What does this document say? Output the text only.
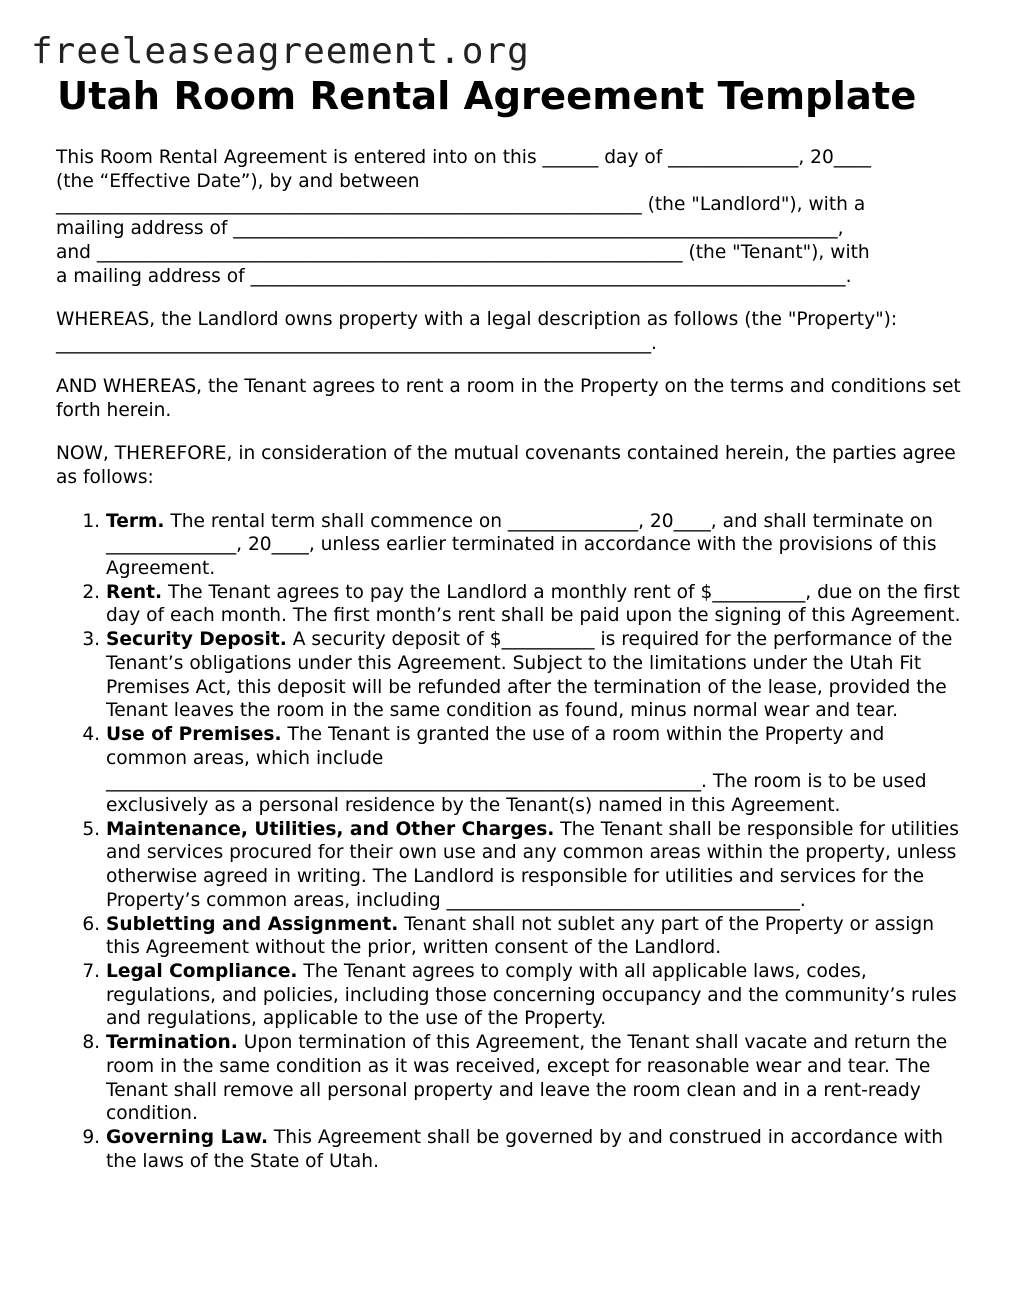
freeleaseagreement.org
Utah Room Rental Agreement Template

This Room Rental Agreement is entered into on this ______ day of ______________, 20____
(the “Effective Date”), by and between
_______________________________________________________________ (the "Landlord"), with a
mailing address of _________________________________________________________________,
and _______________________________________________________________ (the "Tenant"), with
a mailing address of ________________________________________________________________.

WHEREAS, the Landlord owns property with a legal description as follows (the "Property"):
________________________________________________________________.

AND WHEREAS, the Tenant agrees to rent a room in the Property on the terms and conditions set forth herein.

NOW, THEREFORE, in consideration of the mutual covenants contained herein, the parties agree as follows:

1. Term. The rental term shall commence on ______________, 20____, and shall terminate on ______________, 20____, unless earlier terminated in accordance with the provisions of this Agreement.
2. Rent. The Tenant agrees to pay the Landlord a monthly rent of $__________, due on the first day of each month. The first month’s rent shall be paid upon the signing of this Agreement.
3. Security Deposit. A security deposit of $__________ is required for the performance of the Tenant’s obligations under this Agreement. Subject to the limitations under the Utah Fit Premises Act, this deposit will be refunded after the termination of the lease, provided the Tenant leaves the room in the same condition as found, minus normal wear and tear.
4. Use of Premises. The Tenant is granted the use of a room within the Property and common areas, which include ________________________________________________________________. The room is to be used exclusively as a personal residence by the Tenant(s) named in this Agreement.
5. Maintenance, Utilities, and Other Charges. The Tenant shall be responsible for utilities and services procured for their own use and any common areas within the property, unless otherwise agreed in writing. The Landlord is responsible for utilities and services for the Property’s common areas, including ______________________________________.
6. Subletting and Assignment. Tenant shall not sublet any part of the Property or assign this Agreement without the prior, written consent of the Landlord.
7. Legal Compliance. The Tenant agrees to comply with all applicable laws, codes, regulations, and policies, including those concerning occupancy and the community’s rules and regulations, applicable to the use of the Property.
8. Termination. Upon termination of this Agreement, the Tenant shall vacate and return the room in the same condition as it was received, except for reasonable wear and tear. The Tenant shall remove all personal property and leave the room clean and in a rent-ready condition.
9. Governing Law. This Agreement shall be governed by and construed in accordance with the laws of the State of Utah.
